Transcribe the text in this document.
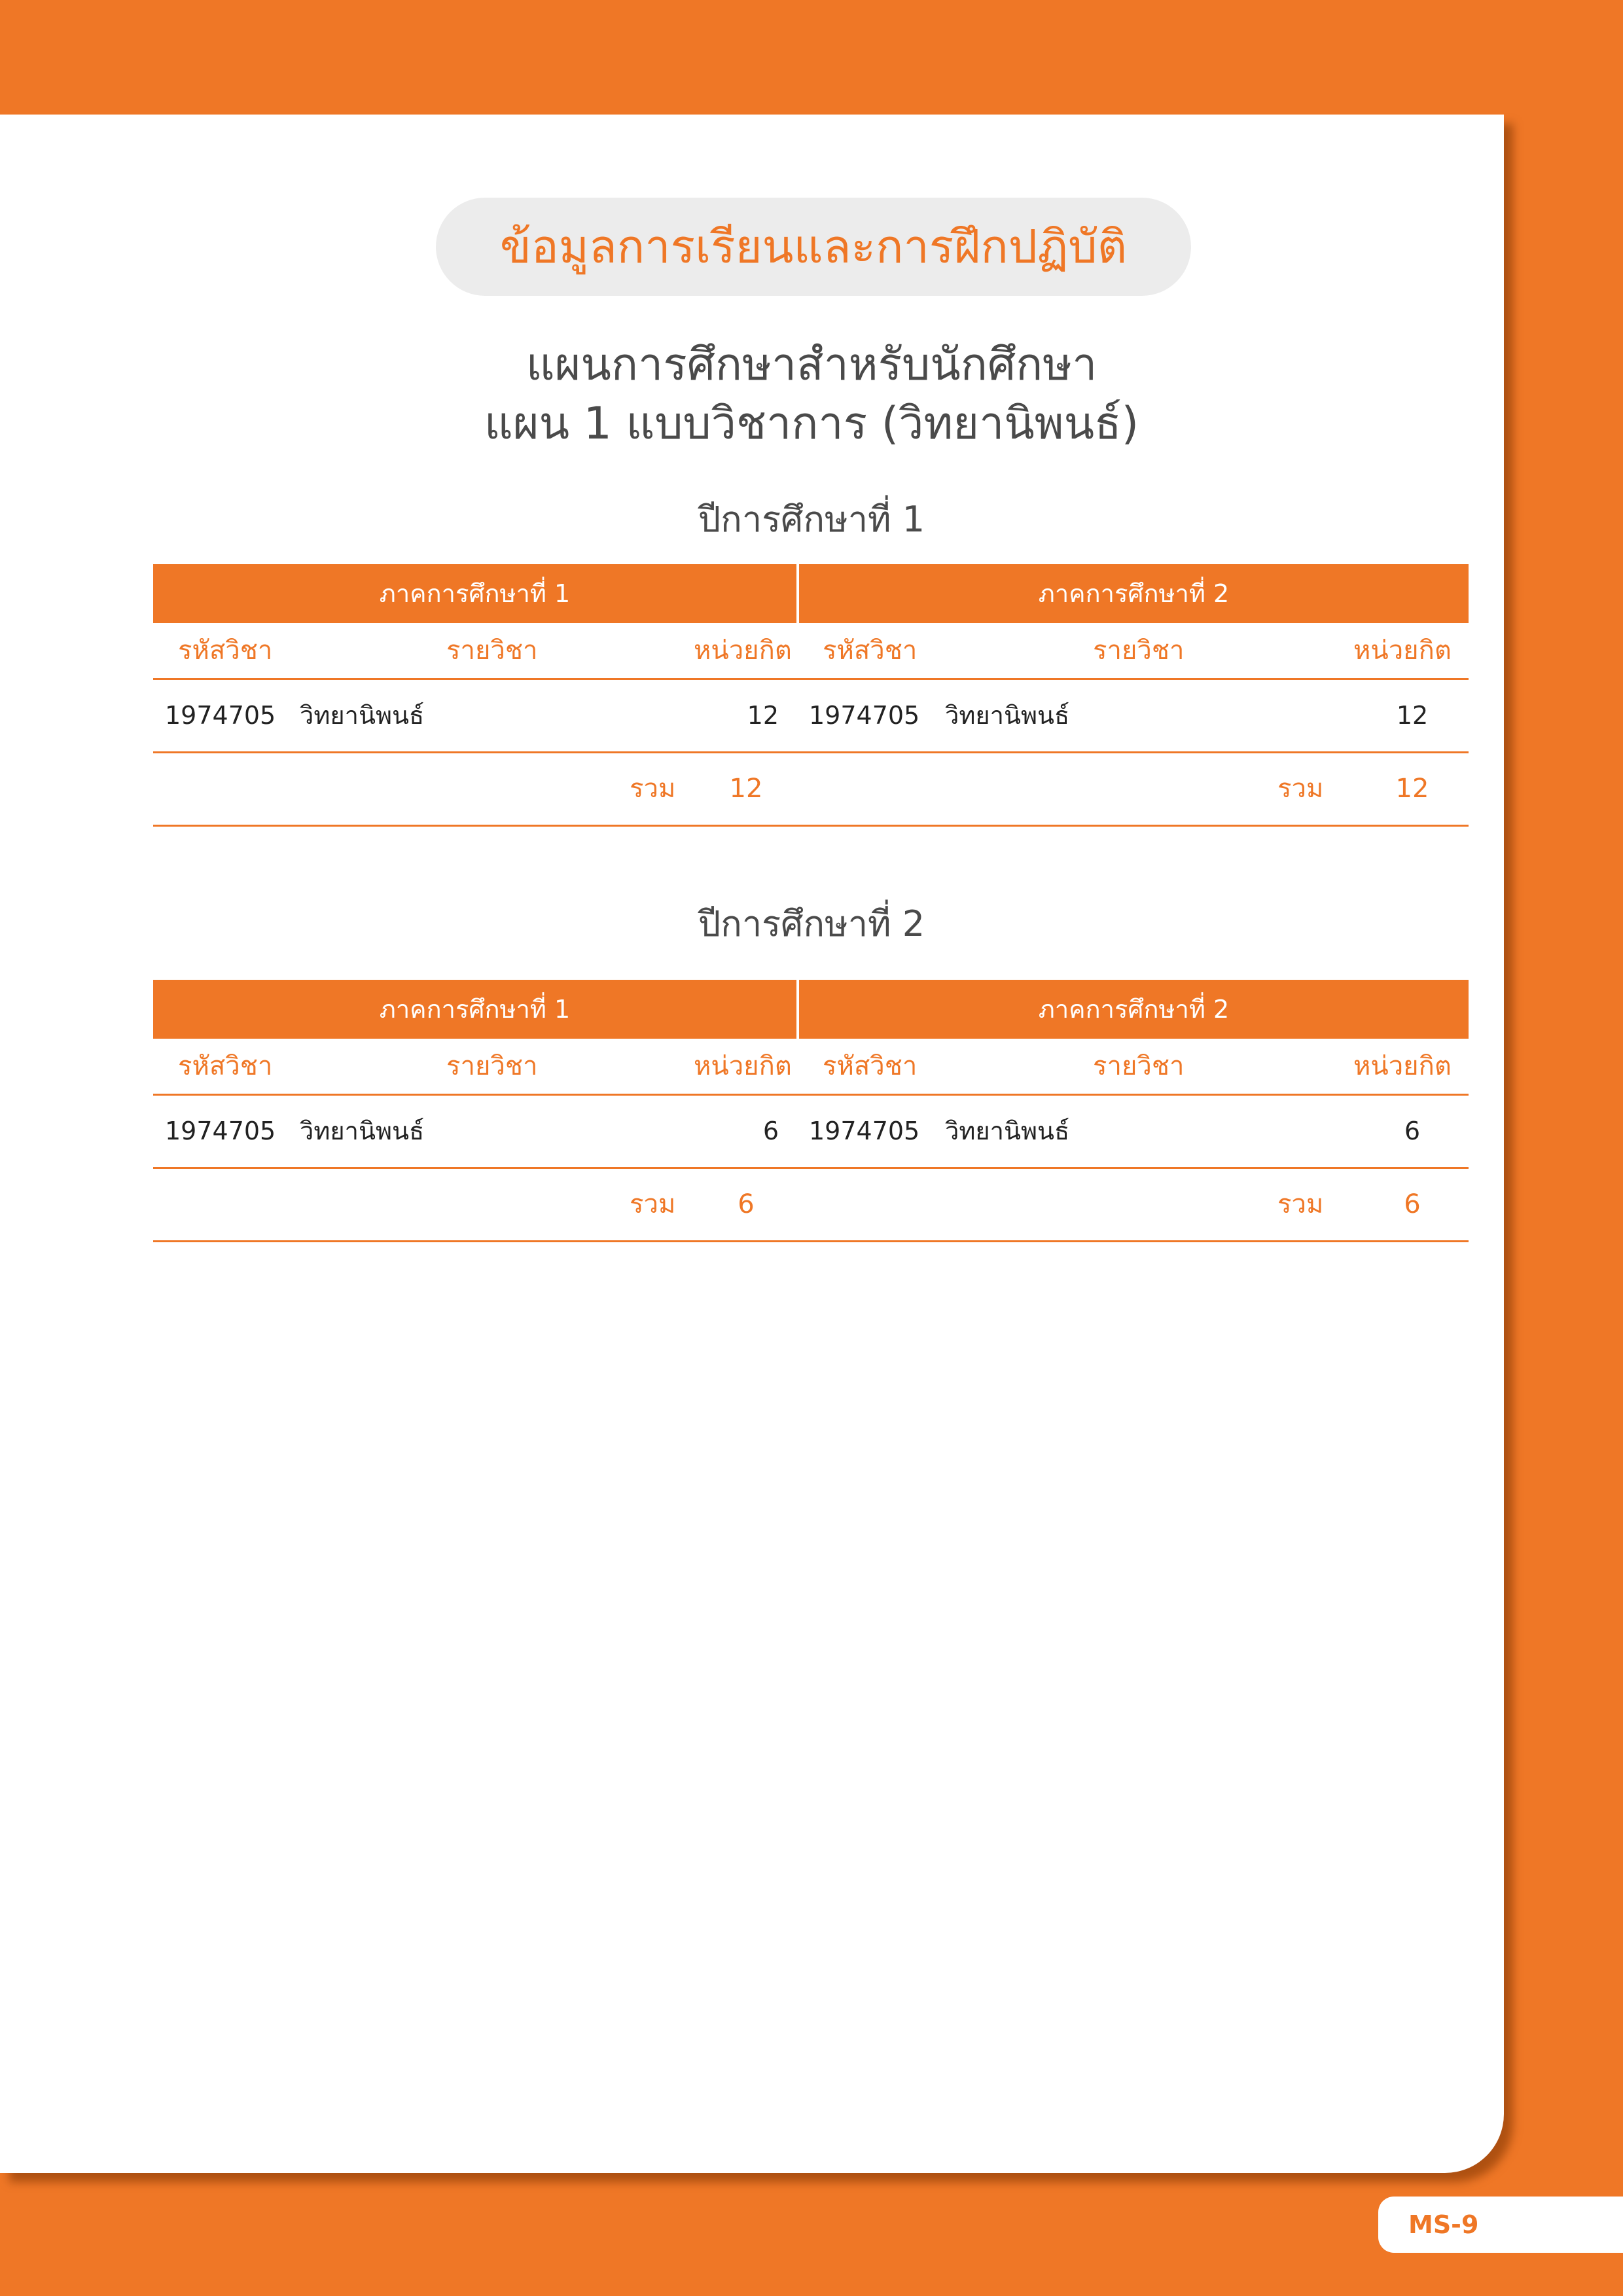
ข้อมูลการเรียนและการฝึกปฏิบัติ
แผนการศึกษาสำหรับนักศึกษา
แผน 1 แบบวิชาการ (วิทยานิพนธ์)
ปีการศึกษาที่ 1
ภาคการศึกษาที่ 1	ภาคการศึกษาที่ 2
รหัสวิชา	รายวิชา	หน่วยกิต รหัสวิชา	รายวิชา	หน่วยกิต
1974705 วิทยานิพนธ์	12 1974705 วิทยานิพนธ์	12
รวม	12	รวม	12
ปีการศึกษาที่ 2
ภาคการศึกษาที่ 1	ภาคการศึกษาที่ 2
รหัสวิชา	รายวิชา	หน่วยกิต รหัสวิชา	รายวิชา	หน่วยกิต
1974705 วิทยานิพนธ์	6 1974705 วิทยานิพนธ์	6
รวม	6	รวม	6
MS-9
